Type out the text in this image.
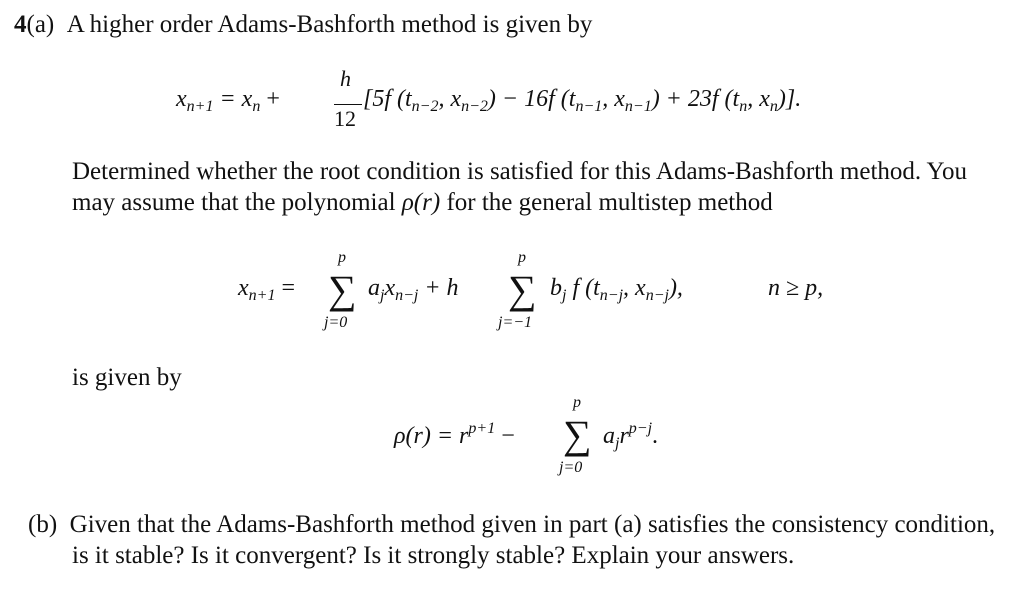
4(a) A higher order Adams-Bashforth method is given by
$x_{n+1} = x_n$ +
h
12
[5f ($t_{n-2}$, $x_{n-2}) - 16f$ ($t_{n-1}$, $x_{n-1}) + 23f$ ($t_n$, $x_n$)].
Determined whether the root condition is satisfied for this Adams-Bashforth method. You
may assume that the polynomial ρ(r) for the general multistep method
$x_{n+1}$ =
p
∑
j=0
$a_jx_{n-j} + h$
p
∑
j=−1
$b_j$ f ($t_{n-j}$, $x_{n-j}$),	n ≥ p,
is given by
$\rho(r) = r^{p+1}$ −
p
∑
j=0
$a_jr^{p-j}$.
(b) Given that the Adams-Bashforth method given in part (a) satisfies the consistency condition,
is it stable? Is it convergent? Is it strongly stable? Explain your answers.
